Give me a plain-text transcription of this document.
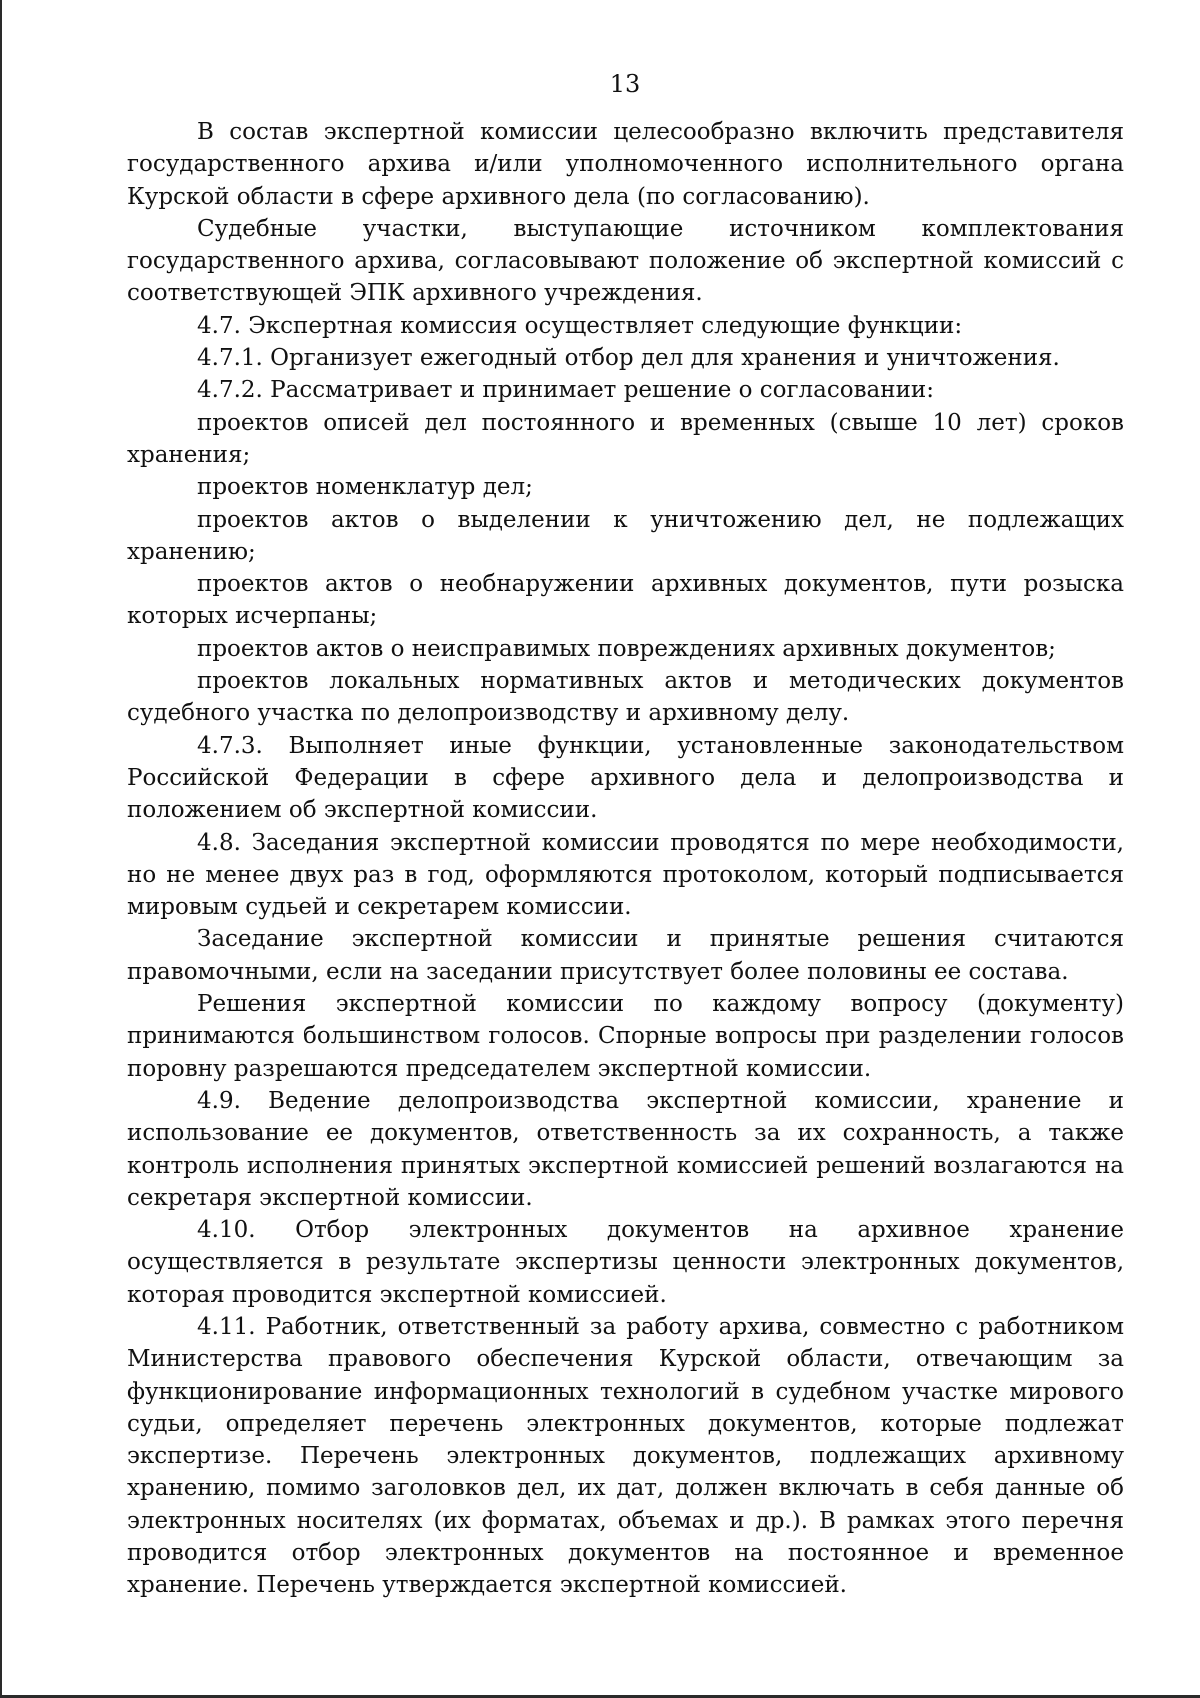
13

В состав экспертной комиссии целесообразно включить представителя государственного архива и/или уполномоченного исполнительного органа Курской области в сфере архивного дела (по согласованию).

Судебные участки, выступающие источником комплектования государственного архива, согласовывают положение об экспертной комиссий с соответствующей ЭПК архивного учреждения.

4.7. Экспертная комиссия осуществляет следующие функции:

4.7.1. Организует ежегодный отбор дел для хранения и уничтожения.

4.7.2. Рассматривает и принимает решение о согласовании:

проектов описей дел постоянного и временных (свыше 10 лет) сроков хранения;

проектов номенклатур дел;

проектов актов о выделении к уничтожению дел, не подлежащих хранению;

проектов актов о необнаружении архивных документов, пути розыска которых исчерпаны;

проектов актов о неисправимых повреждениях архивных документов;

проектов локальных нормативных актов и методических документов судебного участка по делопроизводству и архивному делу.

4.7.3. Выполняет иные функции, установленные законодательством Российской Федерации в сфере архивного дела и делопроизводства и положением об экспертной комиссии.

4.8. Заседания экспертной комиссии проводятся по мере необходимости, но не менее двух раз в год, оформляются протоколом, который подписывается мировым судьей и секретарем комиссии.

Заседание экспертной комиссии и принятые решения считаются правомочными, если на заседании присутствует более половины ее состава.

Решения экспертной комиссии по каждому вопросу (документу) принимаются большинством голосов. Спорные вопросы при разделении голосов поровну разрешаются председателем экспертной комиссии.

4.9. Ведение делопроизводства экспертной комиссии, хранение и использование ее документов, ответственность за их сохранность, а также контроль исполнения принятых экспертной комиссией решений возлагаются на секретаря экспертной комиссии.

4.10. Отбор электронных документов на архивное хранение осуществляется в результате экспертизы ценности электронных документов, которая проводится экспертной комиссией.

4.11. Работник, ответственный за работу архива, совместно с работником Министерства правового обеспечения Курской области, отвечающим за функционирование информационных технологий в судебном участке мирового судьи, определяет перечень электронных документов, которые подлежат экспертизе. Перечень электронных документов, подлежащих архивному хранению, помимо заголовков дел, их дат, должен включать в себя данные об электронных носителях (их форматах, объемах и др.). В рамках этого перечня проводится отбор электронных документов на постоянное и временное хранение. Перечень утверждается экспертной комиссией.
